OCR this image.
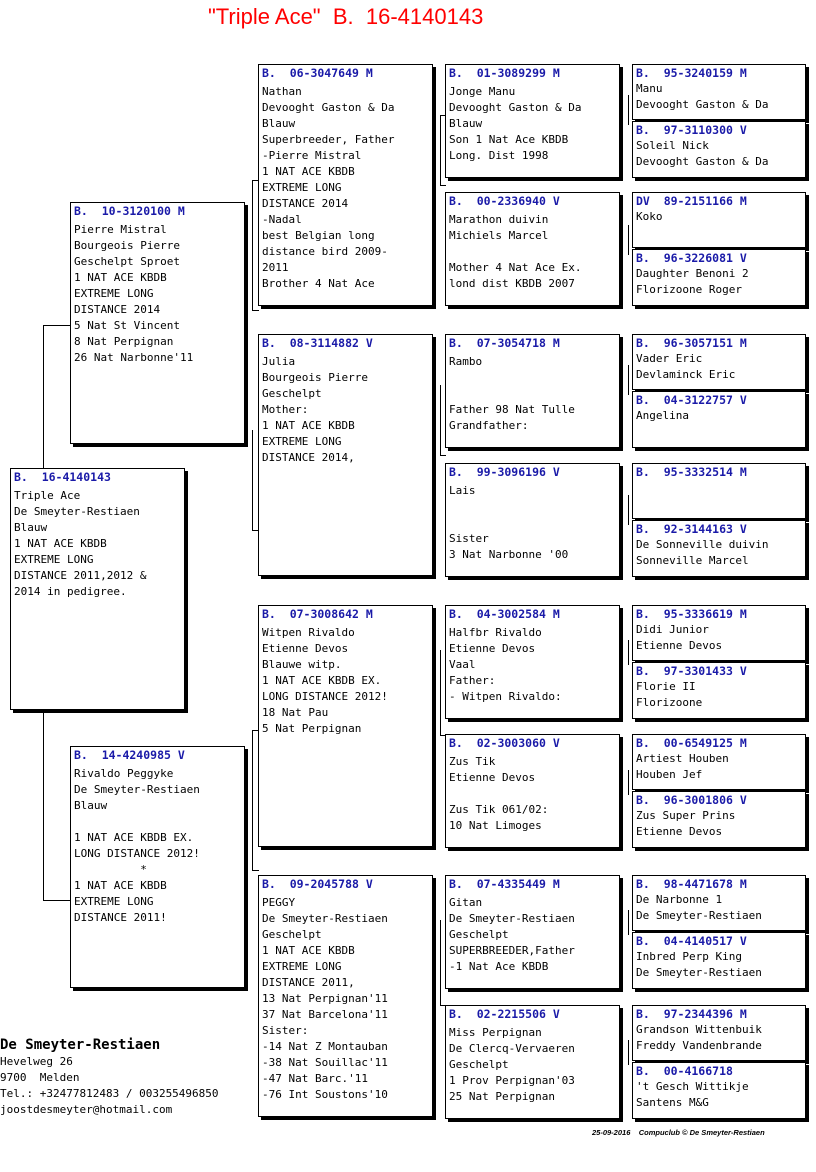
"Triple Ace"  B.  16-4140143
B.  16-4140143
Triple Ace
De Smeyter-Restiaen
Blauw
1 NAT ACE KBDB
EXTREME LONG
DISTANCE 2011,2012 &
2014 in pedigree.
B.  10-3120100 M
Pierre Mistral
Bourgeois Pierre
Geschelpt Sproet
1 NAT ACE KBDB
EXTREME LONG
DISTANCE 2014
5 Nat St Vincent
8 Nat Perpignan
26 Nat Narbonne'11
B.  14-4240985 V
Rivaldo Peggyke
De Smeyter-Restiaen
Blauw
1 NAT ACE KBDB EX.
LONG DISTANCE 2012!
*
1 NAT ACE KBDB
EXTREME LONG
DISTANCE 2011!
B.  06-3047649 M
Nathan
Devooght Gaston & Da
Blauw
Superbreeder, Father
-Pierre Mistral
1 NAT ACE KBDB
EXTREME LONG
DISTANCE 2014
-Nadal
best Belgian long
distance bird 2009-
2011
Brother 4 Nat Ace
B.  08-3114882 V
Julia
Bourgeois Pierre
Geschelpt
Mother:
1 NAT ACE KBDB
EXTREME LONG
DISTANCE 2014,
B.  07-3008642 M
Witpen Rivaldo
Etienne Devos
Blauwe witp.
1 NAT ACE KBDB EX.
LONG DISTANCE 2012!
18 Nat Pau
5 Nat Perpignan
B.  09-2045788 V
PEGGY
De Smeyter-Restiaen
Geschelpt
1 NAT ACE KBDB
EXTREME LONG
DISTANCE 2011,
13 Nat Perpignan'11
37 Nat Barcelona'11
Sister:
-14 Nat Z Montauban
-38 Nat Souillac'11
-47 Nat Barc.'11
-76 Int Soustons'10
B.  01-3089299 M
Jonge Manu
Devooght Gaston & Da
Blauw
Son 1 Nat Ace KBDB
Long. Dist 1998
B.  00-2336940 V
Marathon duivin
Michiels Marcel
Mother 4 Nat Ace Ex.
lond dist KBDB 2007
B.  07-3054718 M
Rambo
Father 98 Nat Tulle
Grandfather:
B.  99-3096196 V
Lais
Sister
3 Nat Narbonne '00
B.  04-3002584 M
Halfbr Rivaldo
Etienne Devos
Vaal
Father:
- Witpen Rivaldo:
B.  02-3003060 V
Zus Tik
Etienne Devos
Zus Tik 061/02:
10 Nat Limoges
B.  07-4335449 M
Gitan
De Smeyter-Restiaen
Geschelpt
SUPERBREEDER,Father
-1 Nat Ace KBDB
B.  02-2215506 V
Miss Perpignan
De Clercq-Vervaeren
Geschelpt
1 Prov Perpignan'03
25 Nat Perpignan
B.  95-3240159 M
Manu
Devooght Gaston & Da
B.  97-3110300 V
Soleil Nick
Devooght Gaston & Da
DV  89-2151166 M
Koko
B.  96-3226081 V
Daughter Benoni 2
Florizoone Roger
B.  96-3057151 M
Vader Eric
Devlaminck Eric
B.  04-3122757 V
Angelina
B.  95-3332514 M
B.  92-3144163 V
De Sonneville duivin
Sonneville Marcel
B.  95-3336619 M
Didi Junior
Etienne Devos
B.  97-3301433 V
Florie II
Florizoone
B.  00-6549125 M
Artiest Houben
Houben Jef
B.  96-3001806 V
Zus Super Prins
Etienne Devos
B.  98-4471678 M
De Narbonne 1
De Smeyter-Restiaen
B.  04-4140517 V
Inbred Perp King
De Smeyter-Restiaen
B.  97-2344396 M
Grandson Wittenbuik
Freddy Vandenbrande
B.  00-4166718
't Gesch Wittikje
Santens M&G
De Smeyter-Restiaen
Hevelweg 26
9700  Melden
Tel.: +32477812483 / 003255496850
joostdesmeyter@hotmail.com
25-09-2016    Compuclub © De Smeyter-Restiaen
